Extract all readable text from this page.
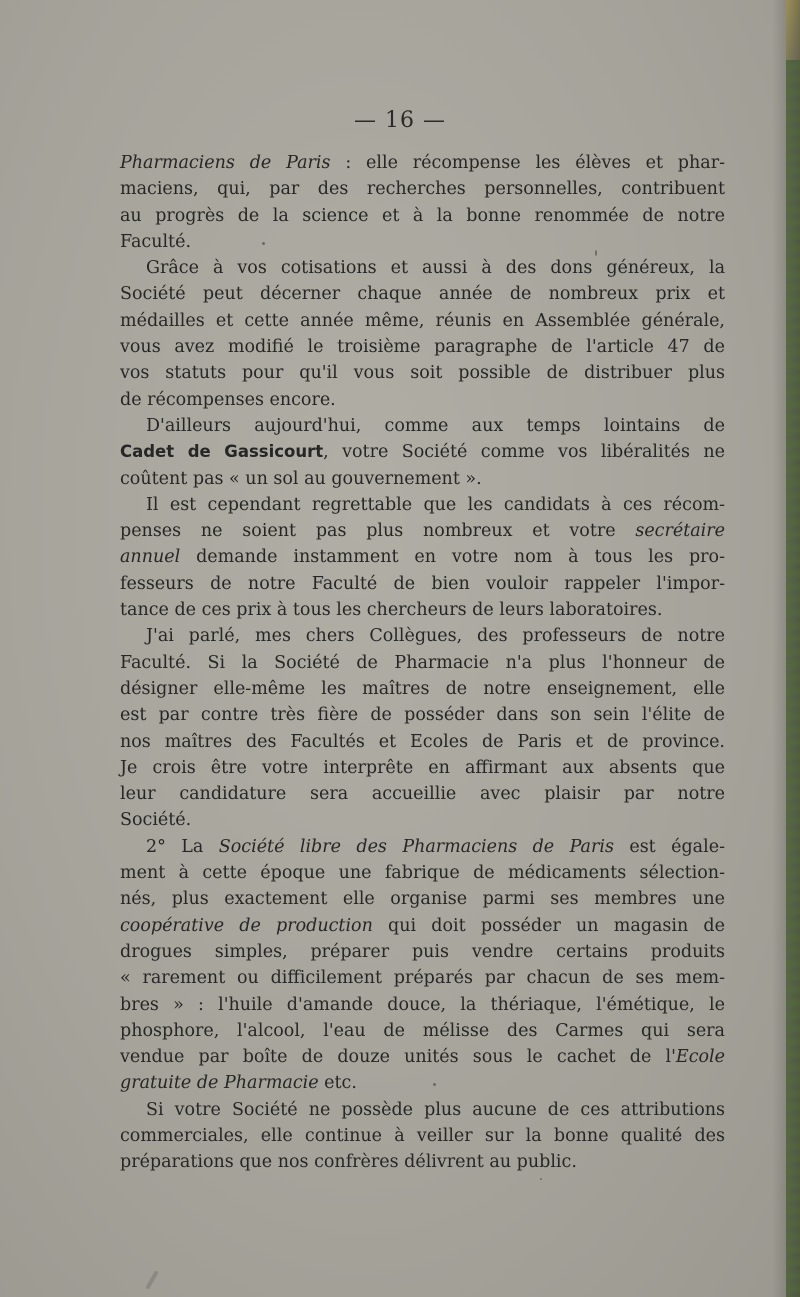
— 16 —
Pharmaciens de Paris : elle récompense les élèves et phar-
maciens, qui, par des recherches personnelles, contribuent
au progrès de la science et à la bonne renommée de notre
Faculté.
Grâce à vos cotisations et aussi à des dons généreux, la
Société peut décerner chaque année de nombreux prix et
médailles et cette année même, réunis en Assemblée générale,
vous avez modifié le troisième paragraphe de l'article 47 de
vos statuts pour qu'il vous soit possible de distribuer plus
de récompenses encore.
D'ailleurs aujourd'hui, comme aux temps lointains de
Cadet de Gassicourt, votre Société comme vos libéralités ne
coûtent pas « un sol au gouvernement ».
Il est cependant regrettable que les candidats à ces récom-
penses ne soient pas plus nombreux et votre secrétaire
annuel demande instamment en votre nom à tous les pro-
fesseurs de notre Faculté de bien vouloir rappeler l'impor-
tance de ces prix à tous les chercheurs de leurs laboratoires.
J'ai parlé, mes chers Collègues, des professeurs de notre
Faculté. Si la Société de Pharmacie n'a plus l'honneur de
désigner elle-même les maîtres de notre enseignement, elle
est par contre très fière de posséder dans son sein l'élite de
nos maîtres des Facultés et Ecoles de Paris et de province.
Je crois être votre interprête en affirmant aux absents que
leur candidature sera accueillie avec plaisir par notre
Société.
2° La Société libre des Pharmaciens de Paris est égale-
ment à cette époque une fabrique de médicaments sélection-
nés, plus exactement elle organise parmi ses membres une
coopérative de production qui doit posséder un magasin de
drogues simples, préparer puis vendre certains produits
« rarement ou difficilement préparés par chacun de ses mem-
bres » : l'huile d'amande douce, la thériaque, l'émétique, le
phosphore, l'alcool, l'eau de mélisse des Carmes qui sera
vendue par boîte de douze unités sous le cachet de l'Ecole
gratuite de Pharmacie etc.
Si votre Société ne possède plus aucune de ces attributions
commerciales, elle continue à veiller sur la bonne qualité des
préparations que nos confrères délivrent au public.
